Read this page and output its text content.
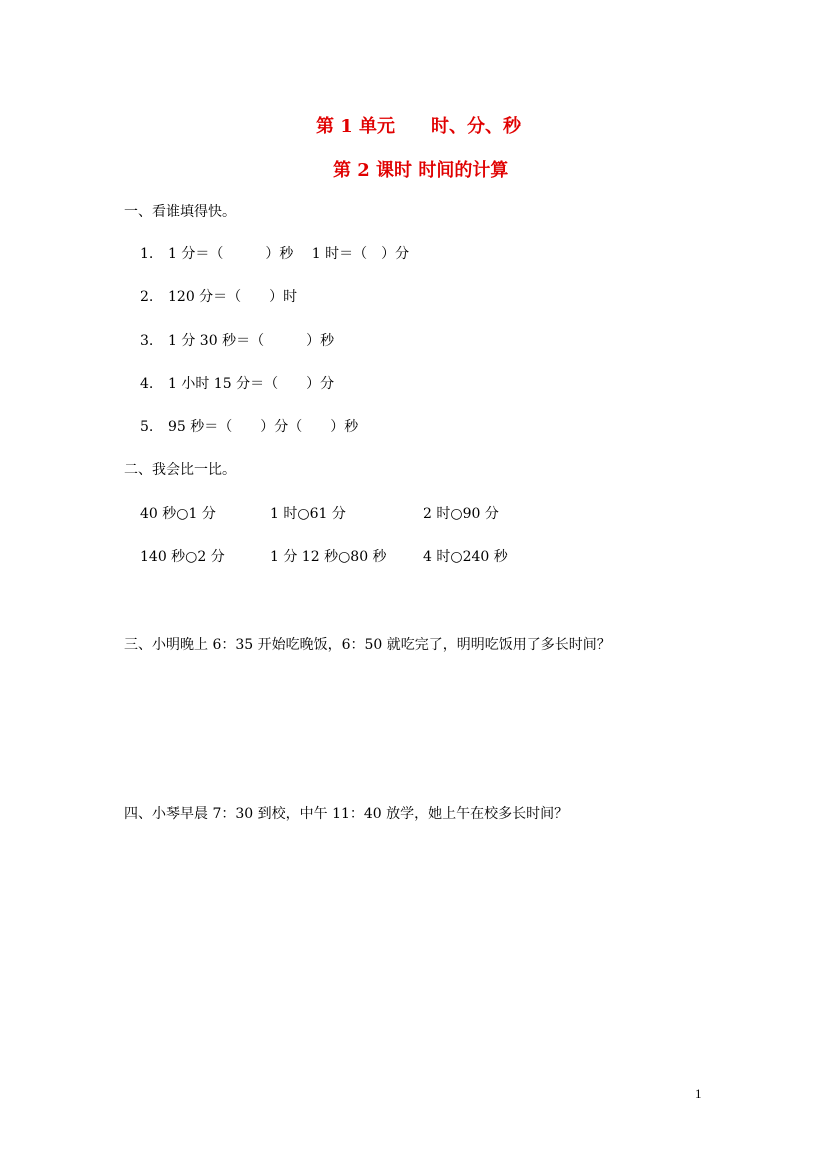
第 1 单元　　时、分、秒
第 2 课时 时间的计算
一、看谁填得快。
1. 1 分＝（　　　）秒　 1 时＝（　）分
2. 120 分＝（　　）时
3. 1 分 30 秒＝（　　　）秒
4. 1 小时 15 分＝（　　）分
5. 95 秒＝（　　）分（　　）秒
二、我会比一比。
40 秒○1 分	1 时○61 分	2 时○90 分
140 秒○2 分	1 分 12 秒○80 秒	4 时○240 秒
三、小明晚上 6：35 开始吃晚饭，6：50 就吃完了，明明吃饭用了多长时间？
四、小琴早晨 7：30 到校，中午 11：40 放学，她上午在校多长时间？
1
